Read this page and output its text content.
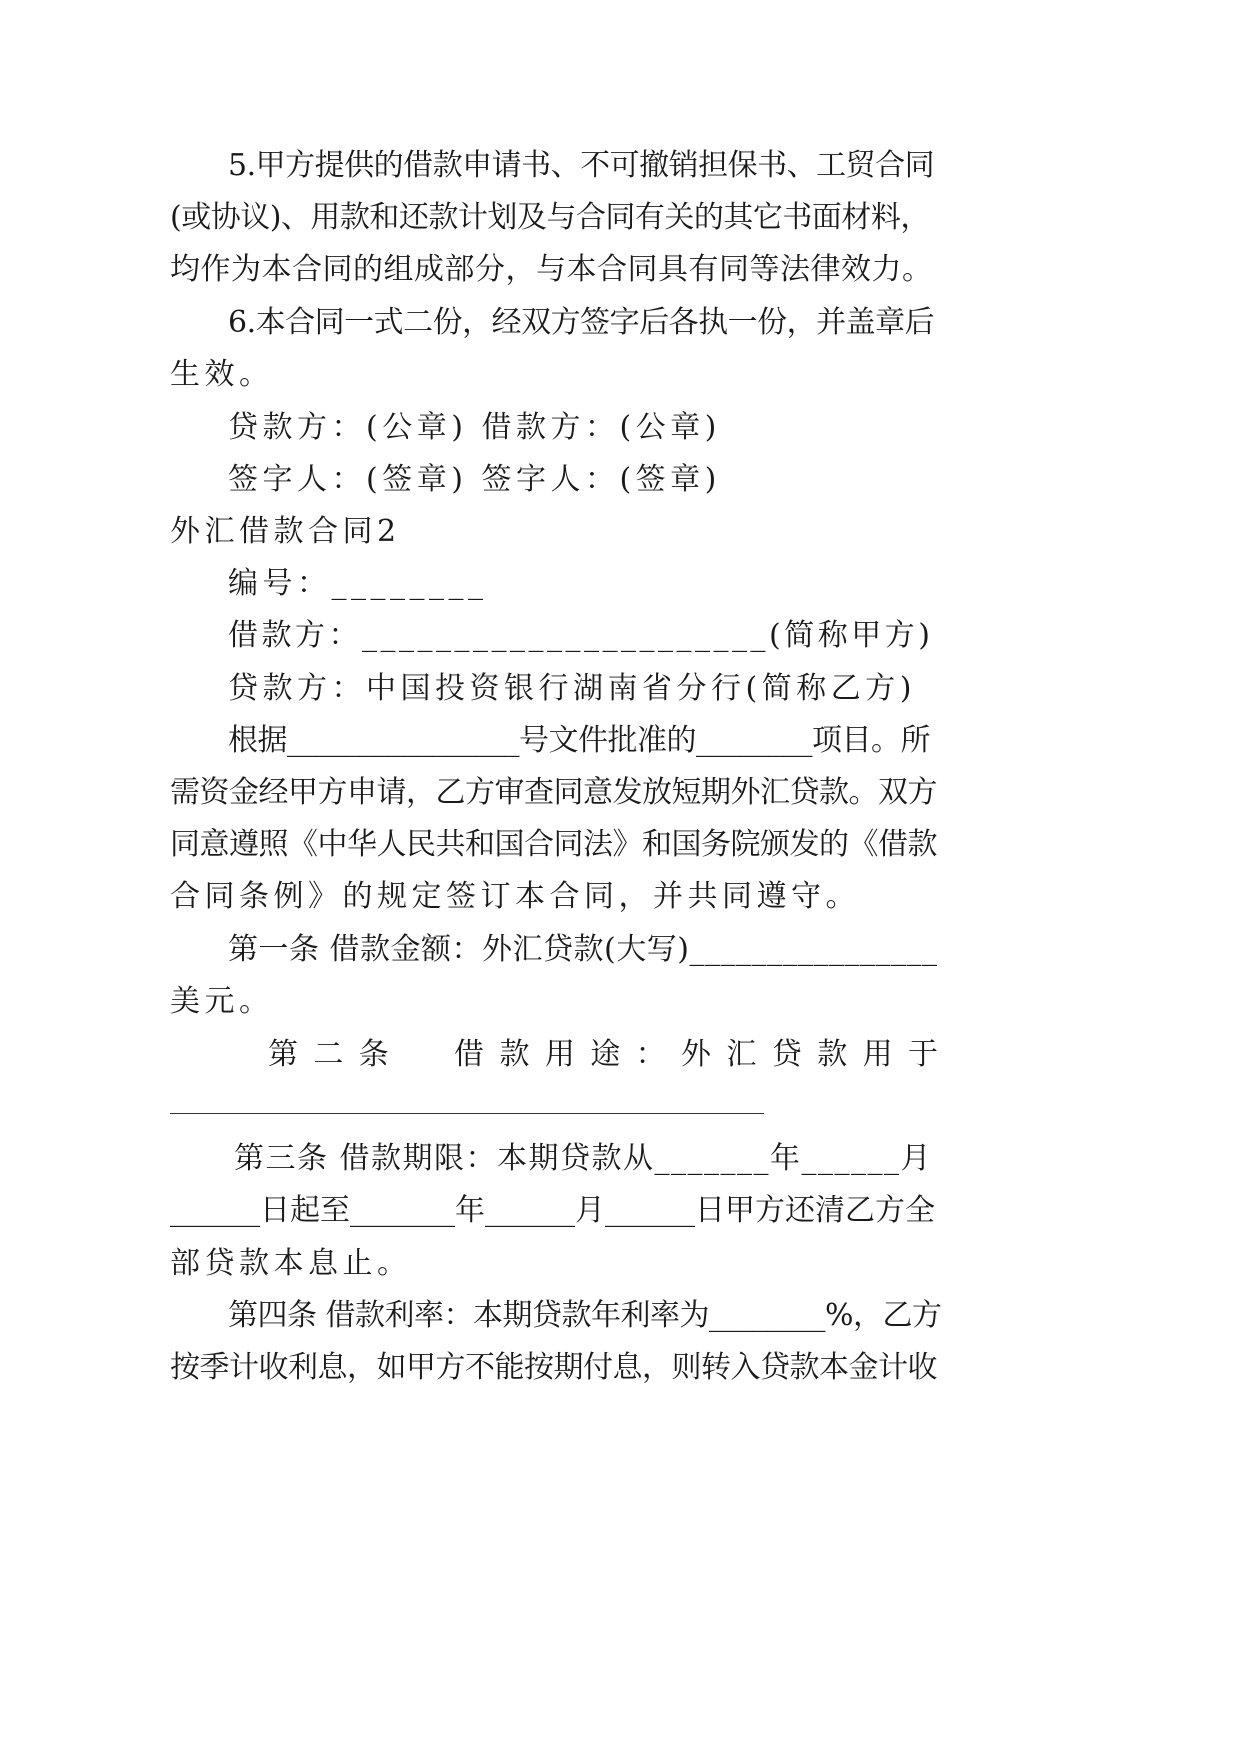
5.甲方提供的借款申请书、不可撤销担保书、工贸合同
(或协议)、用款和还款计划及与合同有关的其它书面材料，
均作为本合同的组成部分，与本合同具有同等法律效力。
6.本合同一式二份，经双方签字后各执一份，并盖章后
生效。
贷款方：(公章) 借款方：(公章)
签字人：(签章) 签字人：(签章)
外汇借款合同2
编号：________
借款方：______________________(简称甲方)
贷款方：中国投资银行湖南省分行(简称乙方)
根据________________号文件批准的________项目。所
需资金经甲方申请，乙方审查同意发放短期外汇贷款。双方
同意遵照《中华人民共和国合同法》和国务院颁发的《借款
合同条例》的规定签订本合同，并共同遵守。
第一条 借款金额：外汇贷款(大写)________________
美元。
第二条  借款用途：外汇贷款用于
第三条 借款期限：本期贷款从_______年______月
______日起至_______年______月______日甲方还清乙方全
部贷款本息止。
第四条 借款利率：本期贷款年利率为________%，乙方
按季计收利息，如甲方不能按期付息，则转入贷款本金计收
